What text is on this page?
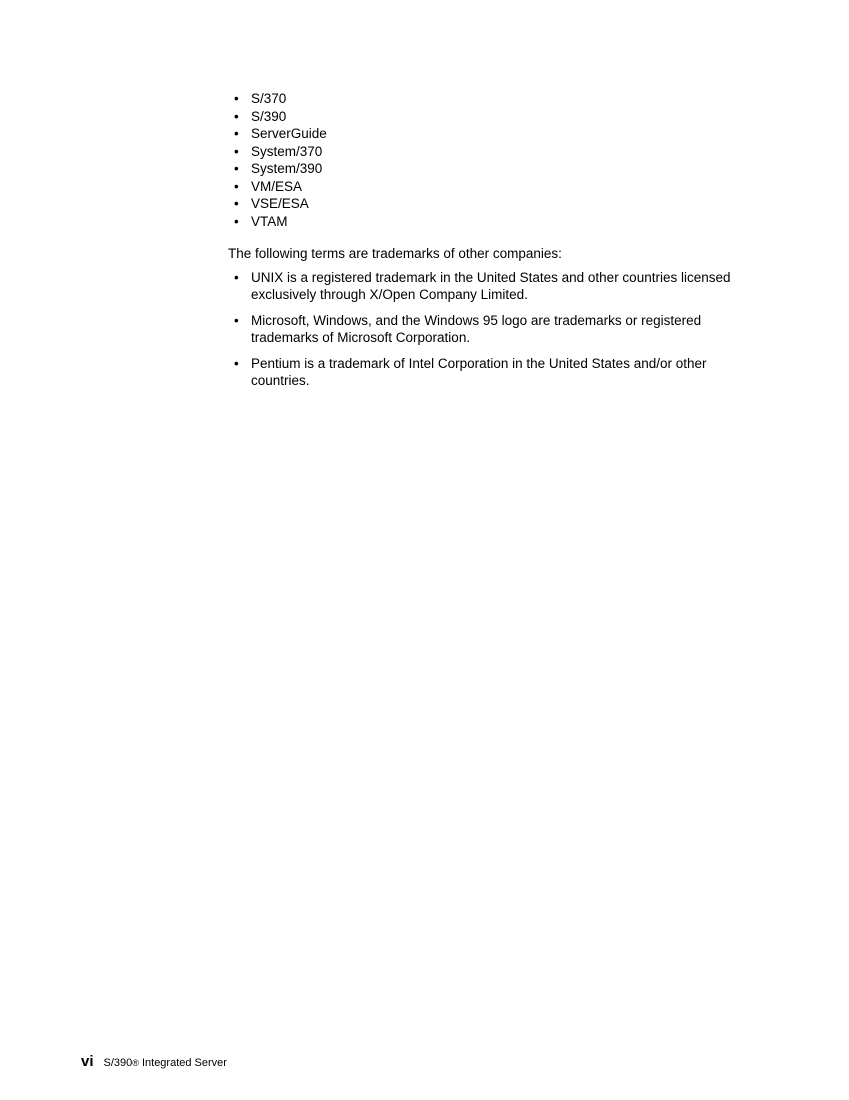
• S/370
• S/390
• ServerGuide
• System/370
• System/390
• VM/ESA
• VSE/ESA
• VTAM

The following terms are trademarks of other companies:

• UNIX is a registered trademark in the United States and other countries licensed exclusively through X/Open Company Limited.
• Microsoft, Windows, and the Windows 95 logo are trademarks or registered trademarks of Microsoft Corporation.
• Pentium is a trademark of Intel Corporation in the United States and/or other countries.
vi S/390® Integrated Server
